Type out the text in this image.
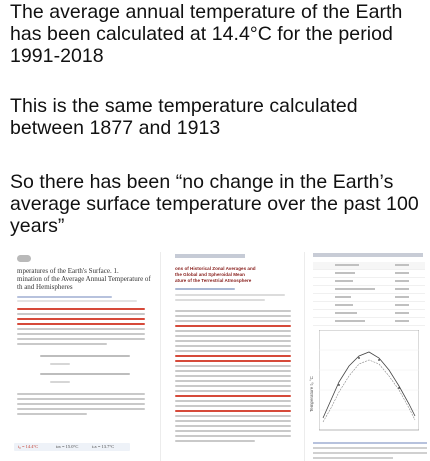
The average annual temperature of the Earth has been calculated at 14.4°C for the period 1991-2018
This is the same temperature calculated between 1877 and 1913
So there has been “no change in the Earth’s average surface temperature over the past 100 years”
mperatures of the Earth's Surface. 1.
mination of the Average Annual Temperature of
th and Hemispheres
t₀ = 14.4°C	tₙₕ = 15.0°C	tₛₕ = 13.7°C
ons of Historical Zonal Averages and
the Global and Spheroidal Mean
ature of the Terrestrial Atmosphere
Temperature t₀ °C
